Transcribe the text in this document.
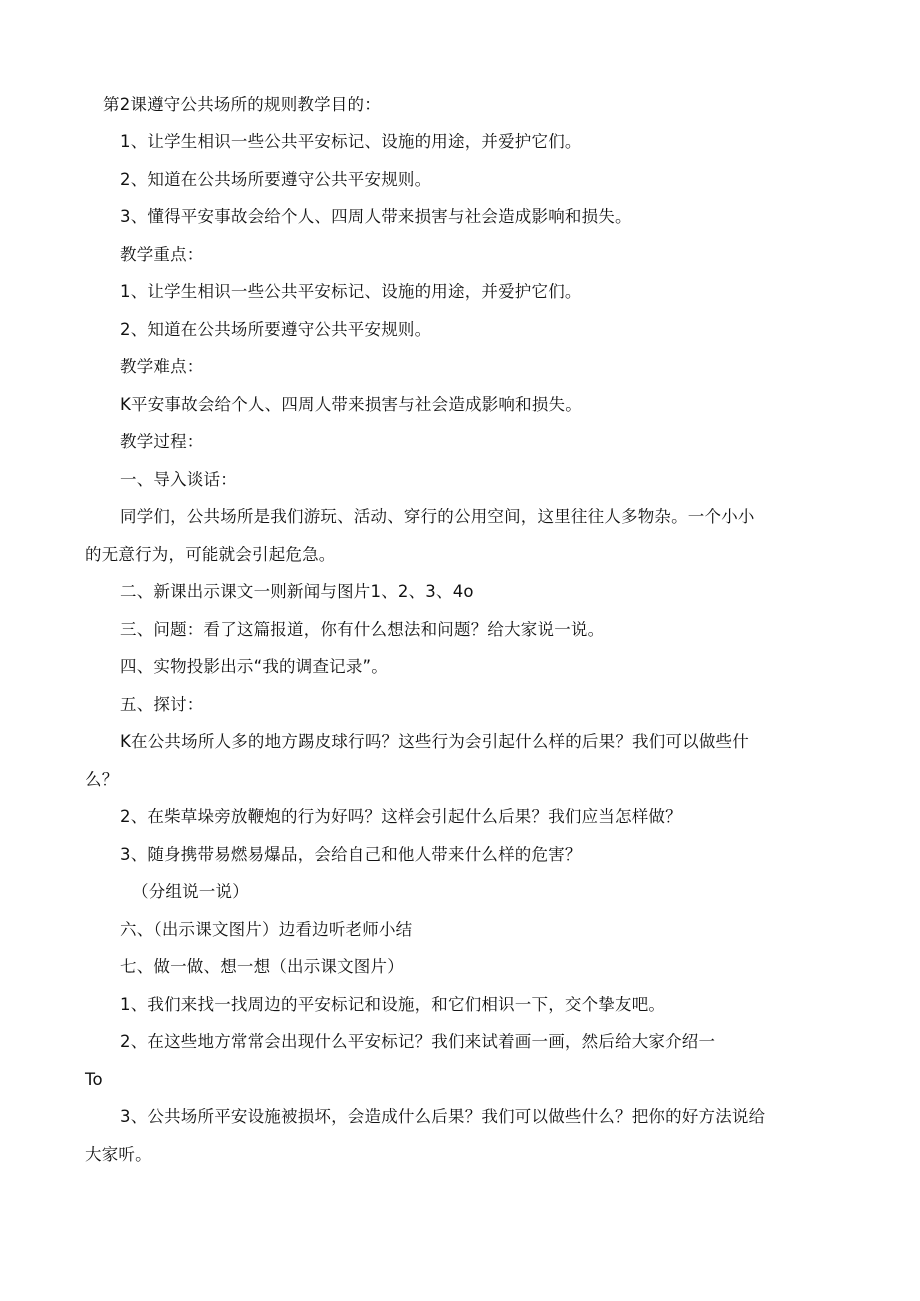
第2课遵守公共场所的规则教学目的：
1、让学生相识一些公共平安标记、设施的用途，并爱护它们。
2、知道在公共场所要遵守公共平安规则。
3、懂得平安事故会给个人、四周人带来损害与社会造成影响和损失。
教学重点：
1、让学生相识一些公共平安标记、设施的用途，并爱护它们。
2、知道在公共场所要遵守公共平安规则。
教学难点：
K平安事故会给个人、四周人带来损害与社会造成影响和损失。
教学过程：
一、导入谈话：
同学们，公共场所是我们游玩、活动、穿行的公用空间，这里往往人多物杂。一个小小
的无意行为，可能就会引起危急。
二、新课出示课文一则新闻与图片1、2、3、4o
三、问题：看了这篇报道，你有什么想法和问题？给大家说一说。
四、实物投影出示“我的调查记录”。
五、探讨：
K在公共场所人多的地方踢皮球行吗？这些行为会引起什么样的后果？我们可以做些什
么？
2、在柴草垛旁放鞭炮的行为好吗？这样会引起什么后果？我们应当怎样做？
3、随身携带易燃易爆品，会给自己和他人带来什么样的危害？
（分组说一说）
六、（出示课文图片）边看边听老师小结
七、做一做、想一想（出示课文图片）
1、我们来找一找周边的平安标记和设施，和它们相识一下，交个挚友吧。
2、在这些地方常常会出现什么平安标记？我们来试着画一画，然后给大家介绍一
To
3、公共场所平安设施被损坏，会造成什么后果？我们可以做些什么？把你的好方法说给
大家听。
